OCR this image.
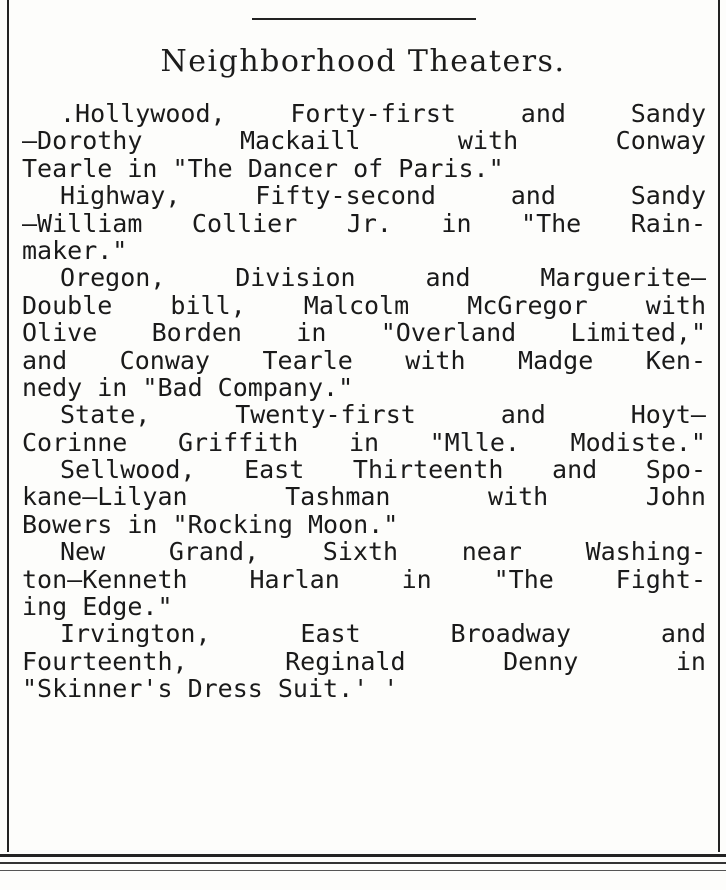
Neighborhood Theaters.
.Hollywood, Forty-first and Sandy
—Dorothy Mackaill with Conway
Tearle in "The Dancer of Paris."
Highway, Fifty-second and Sandy
—William Collier Jr. in "The Rain-
maker."
Oregon, Division and Marguerite—
Double bill, Malcolm McGregor with
Olive Borden in "Overland Limited,"
and Conway Tearle with Madge Ken-
nedy in "Bad Company."
State, Twenty-first and Hoyt—
Corinne Griffith in "Mlle. Modiste."
Sellwood, East Thirteenth and Spo-
kane—Lilyan Tashman with John
Bowers in "Rocking Moon."
New Grand, Sixth near Washing-
ton—Kenneth Harlan in "The Fight-
ing Edge."
Irvington, East Broadway and
Fourteenth, Reginald Denny in
"Skinner's Dress Suit.' '
